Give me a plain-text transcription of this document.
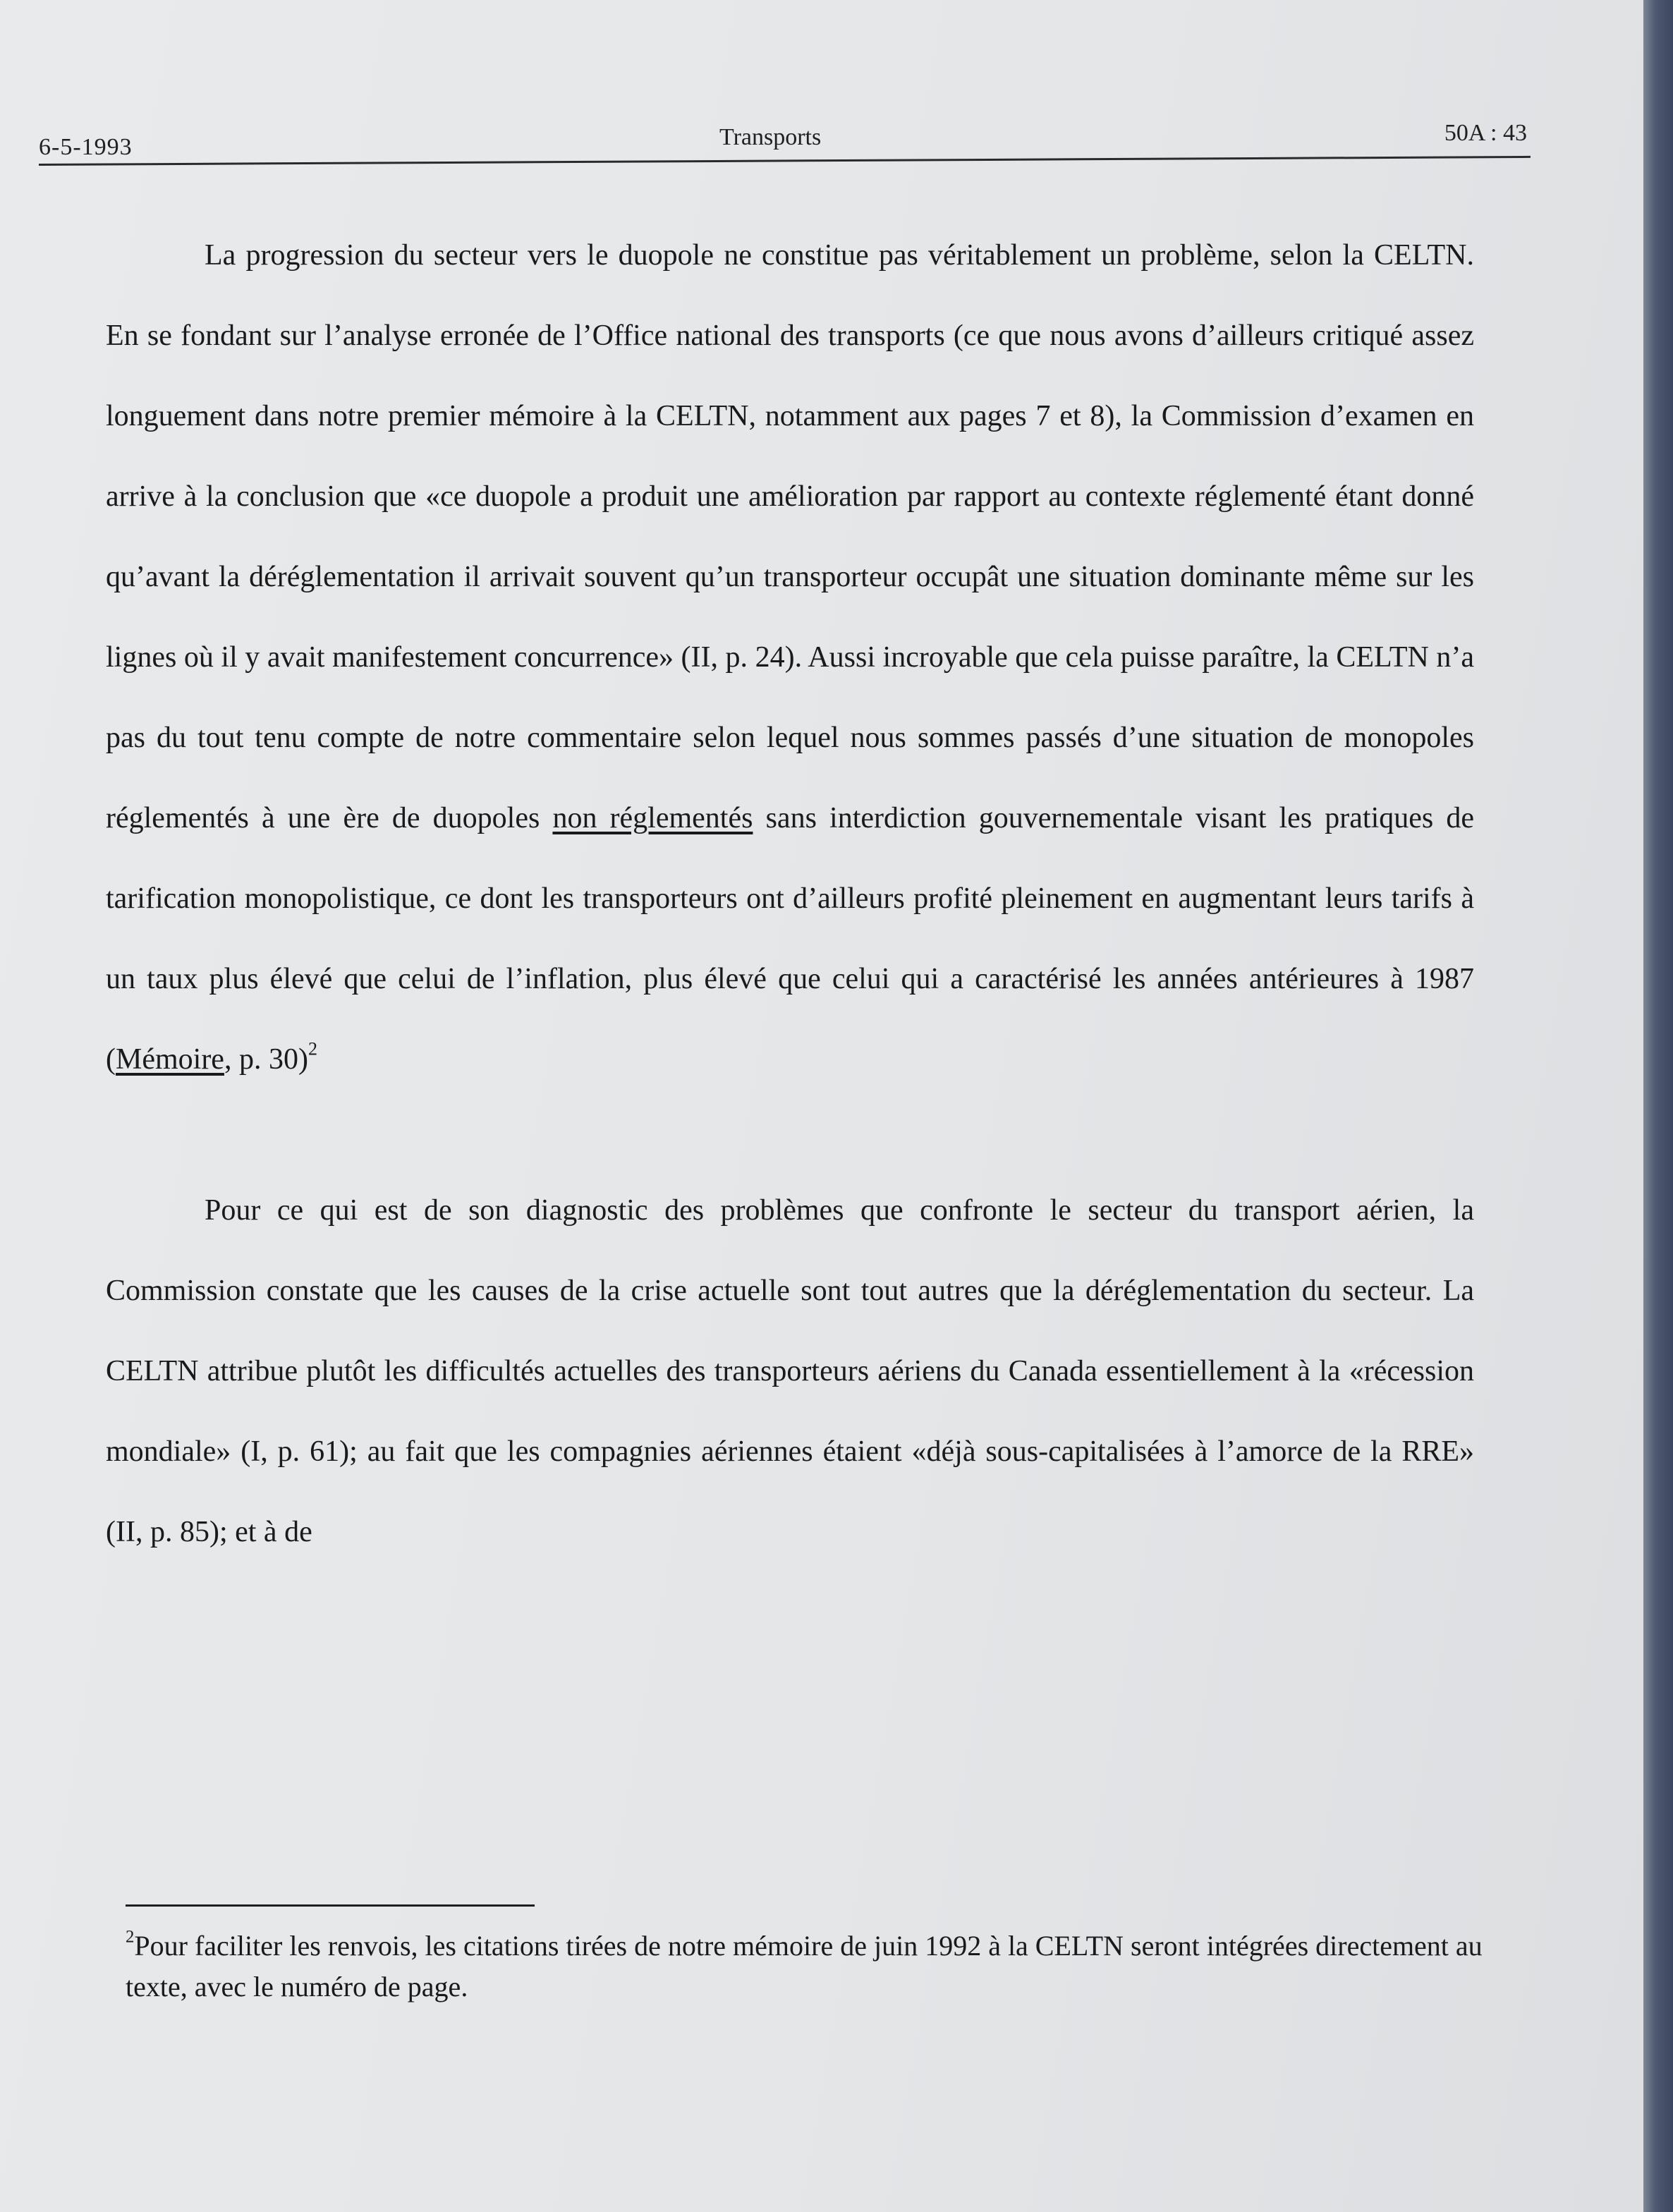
6-5-1993	Transports	50A : 43

La progression du secteur vers le duopole ne constitue pas véritablement un problème, selon la CELTN. En se fondant sur l’analyse erronée de l’Office national des transports (ce que nous avons d’ailleurs critiqué assez longuement dans notre premier mémoire à la CELTN, notamment aux pages 7 et 8), la Commission d’examen en arrive à la conclusion que «ce duopole a produit une amélioration par rapport au contexte réglementé étant donné qu’avant la déréglementation il arrivait souvent qu’un transporteur occupât une situation dominante même sur les lignes où il y avait manifestement concurrence» (II, p. 24). Aussi incroyable que cela puisse paraître, la CELTN n’a pas du tout tenu compte de notre commentaire selon lequel nous sommes passés d’une situation de monopoles réglementés à une ère de duopoles non réglementés sans interdiction gouvernementale visant les pratiques de tarification monopolistique, ce dont les transporteurs ont d’ailleurs profité pleinement en augmentant leurs tarifs à un taux plus élevé que celui de l’inflation, plus élevé que celui qui a caractérisé les années antérieures à 1987 (Mémoire, p. 30)$^2$

Pour ce qui est de son diagnostic des problèmes que confronte le secteur du transport aérien, la Commission constate que les causes de la crise actuelle sont tout autres que la déréglementation du secteur. La CELTN attribue plutôt les difficultés actuelles des transporteurs aériens du Canada essentiellement à la «récession mondiale» (I, p. 61); au fait que les compagnies aériennes étaient «déjà sous-capitalisées à l’amorce de la RRE» (II, p. 85); et à de

$^2$Pour faciliter les renvois, les citations tirées de notre mémoire de juin 1992 à la CELTN seront intégrées directement au texte, avec le numéro de page.
